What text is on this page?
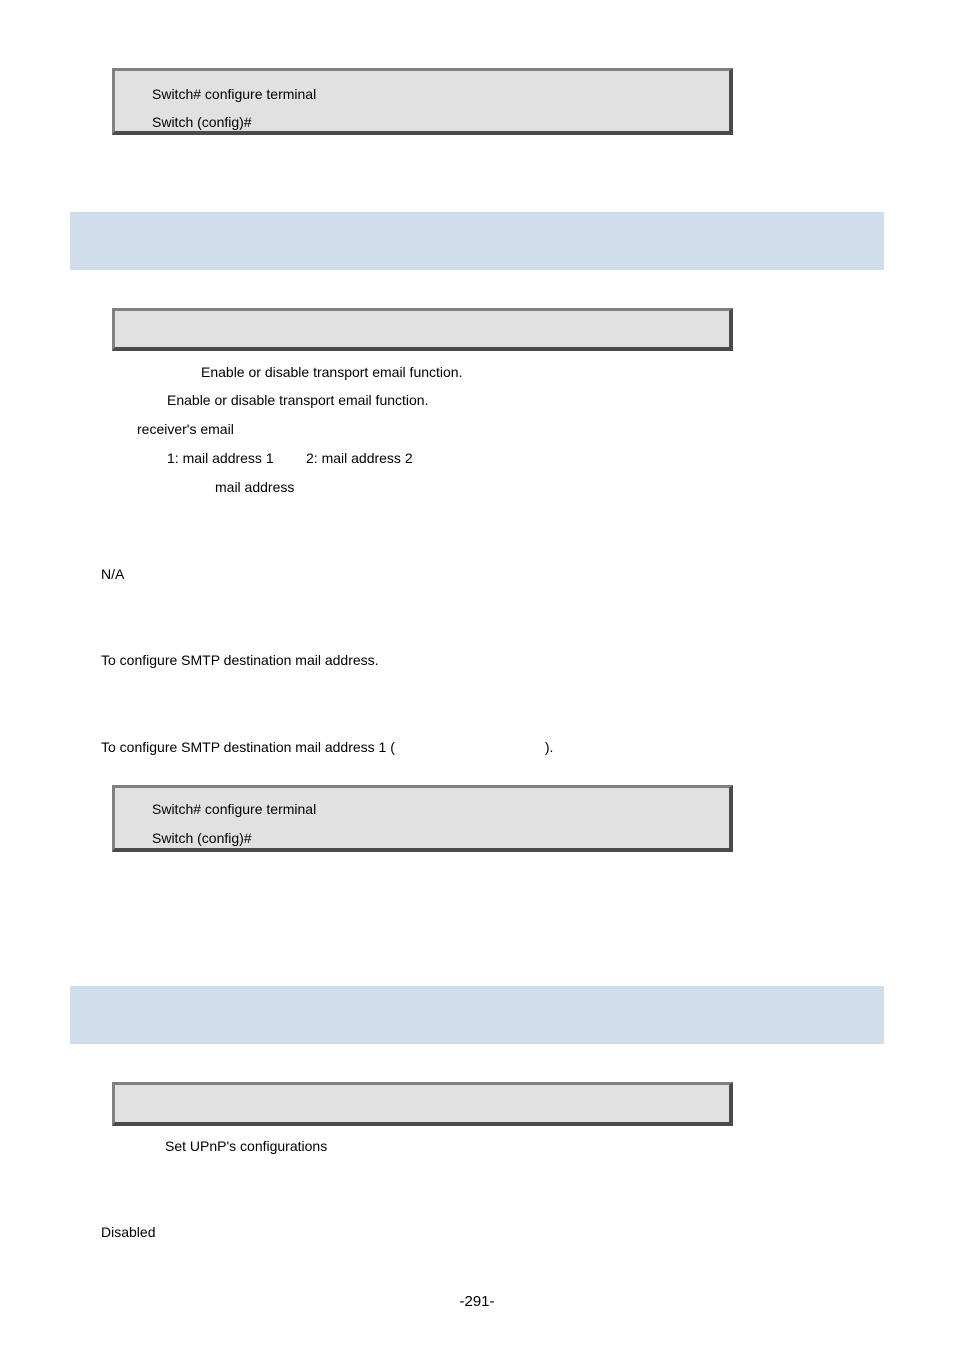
Switch# configure terminal
Switch (config)#
Enable or disable transport email function.
Enable or disable transport email function.
receiver's email
1: mail address 1 2: mail address 2
mail address
N/A
To configure SMTP destination mail address.
To configure SMTP destination mail address 1 (	).
Switch# configure terminal
Switch (config)#
Set UPnP's configurations
Disabled
-291-
